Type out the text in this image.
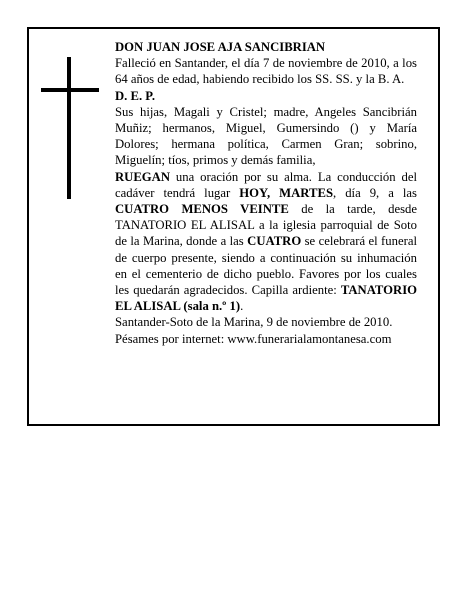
DON JUAN JOSE AJA SANCIBRIAN

Falleció en Santander, el día 7 de noviembre de 2010, a los 64 años de edad, habiendo recibido los SS. SS. y la B. A.

D. E. P.

Sus hijas, Magali y Cristel; madre, Angeles Sancibrián Muñiz; hermanos, Miguel, Gumersindo () y María Dolores; hermana política, Carmen Gran; sobrino, Miguelín; tíos, primos y demás familia,

RUEGAN una oración por su alma. La conducción del cadáver tendrá lugar HOY, MARTES, día 9, a las CUATRO MENOS VEINTE de la tarde, desde TANATORIO EL ALISAL a la iglesia parroquial de Soto de la Marina, donde a las CUATRO se celebrará el funeral de cuerpo presente, siendo a continuación su inhumación en el cementerio de dicho pueblo. Favores por los cuales les quedarán agradecidos. Capilla ardiente: TANATORIO EL ALISAL (sala n.º 1).

Santander-Soto de la Marina, 9 de noviembre de 2010.

Pésames por internet: www.funerarialamontanesa.com
